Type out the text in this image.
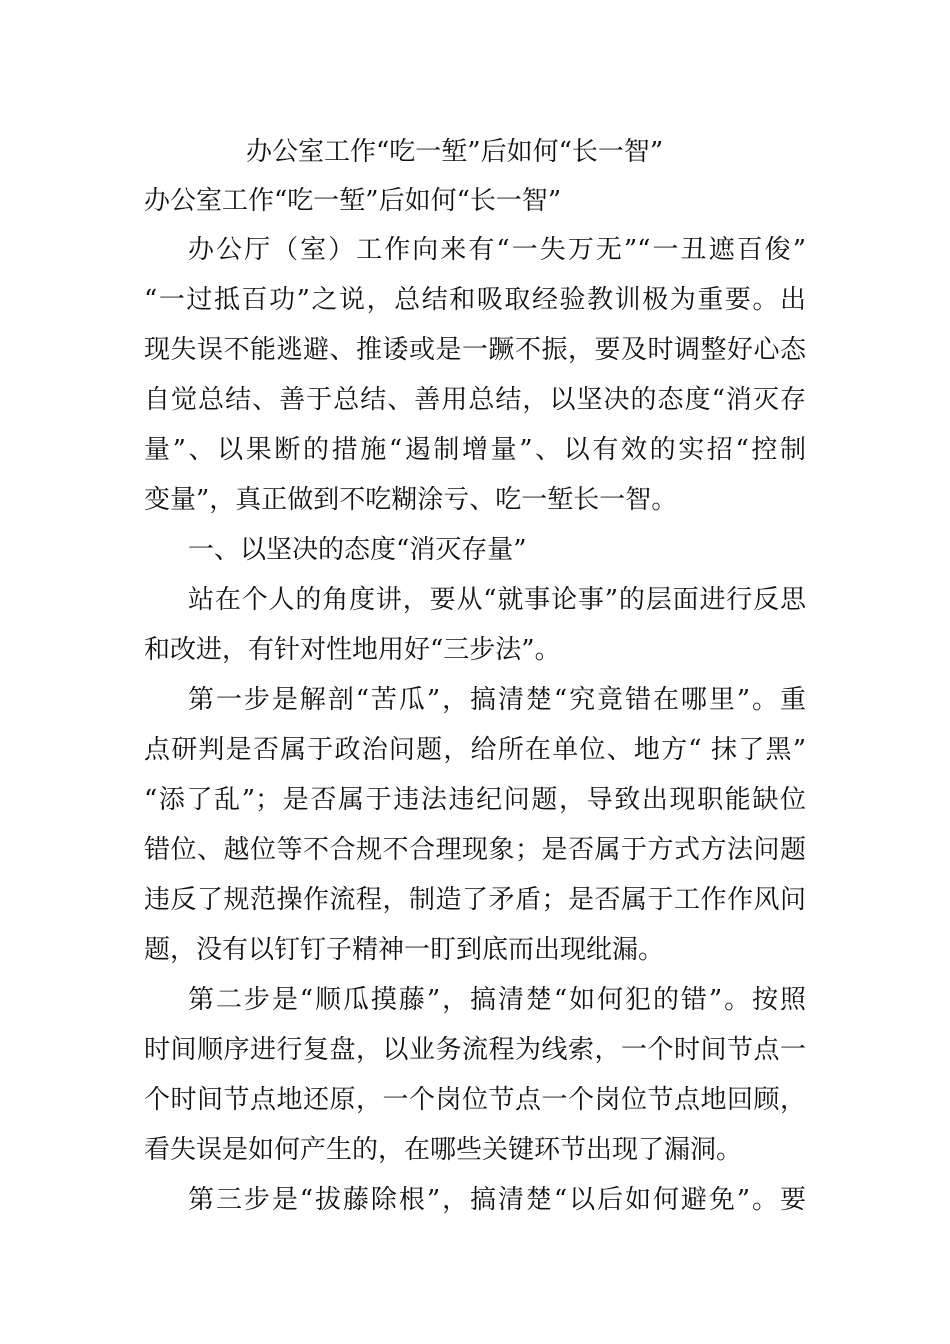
办公室工作“吃一堑”后如何“长一智”
办公室工作“吃一堑”后如何“长一智”
办公厅（室）工作向来有“一失万无”“一丑遮百俊”
“一过抵百功”之说，总结和吸取经验教训极为重要。出
现失误不能逃避、推诿或是一蹶不振，要及时调整好心态
自觉总结、善于总结、善用总结，以坚决的态度“消灭存
量”、以果断的措施“遏制增量”、以有效的实招“控制
变量”，真正做到不吃糊涂亏、吃一堑长一智。
一、以坚决的态度“消灭存量”
站在个人的角度讲，要从“就事论事”的层面进行反思
和改进，有针对性地用好“三步法”。
第一步是解剖“苦瓜”，搞清楚“究竟错在哪里”。重
点研判是否属于政治问题，给所在单位、地方“ 抹了黑”
“添了乱”；是否属于违法违纪问题，导致出现职能缺位
错位、越位等不合规不合理现象；是否属于方式方法问题
违反了规范操作流程，制造了矛盾；是否属于工作作风问
题，没有以钉钉子精神一盯到底而出现纰漏。
第二步是“顺瓜摸藤”，搞清楚“如何犯的错”。按照
时间顺序进行复盘，以业务流程为线索，一个时间节点一
个时间节点地还原，一个岗位节点一个岗位节点地回顾，
看失误是如何产生的，在哪些关键环节出现了漏洞。
第三步是“拔藤除根”，搞清楚“以后如何避免”。要
